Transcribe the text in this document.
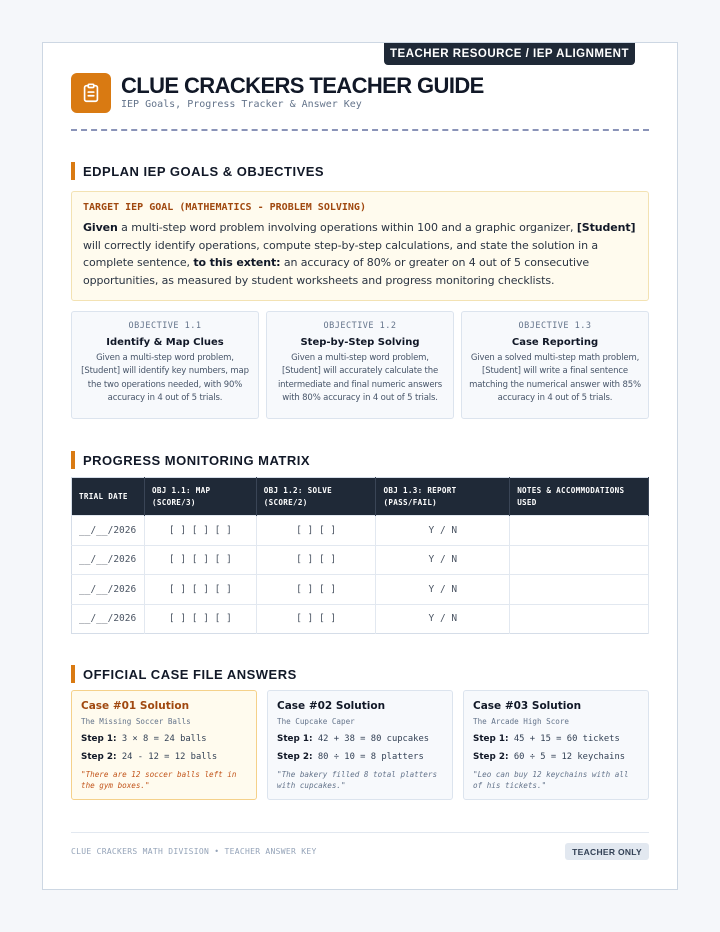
TEACHER RESOURCE / IEP ALIGNMENT
CLUE CRACKERS TEACHER GUIDE
IEP Goals, Progress Tracker & Answer Key
EDPLAN IEP GOALS & OBJECTIVES
TARGET IEP GOAL (MATHEMATICS - PROBLEM SOLVING)
Given a multi-step word problem involving operations within 100 and a graphic organizer, [Student] will correctly identify operations, compute step-by-step calculations, and state the solution in a complete sentence, to this extent: an accuracy of 80% or greater on 4 out of 5 consecutive opportunities, as measured by student worksheets and progress monitoring checklists.
OBJECTIVE 1.1
Identify & Map Clues
Given a multi-step word problem, [Student] will identify key numbers, map the two operations needed, with 90% accuracy in 4 out of 5 trials.
OBJECTIVE 1.2
Step-by-Step Solving
Given a multi-step word problem, [Student] will accurately calculate the intermediate and final numeric answers with 80% accuracy in 4 out of 5 trials.
OBJECTIVE 1.3
Case Reporting
Given a solved multi-step math problem, [Student] will write a final sentence matching the numerical answer with 85% accuracy in 4 out of 5 trials.
PROGRESS MONITORING MATRIX
TRIAL DATE	OBJ 1.1: MAP (SCORE/3)	OBJ 1.2: SOLVE (SCORE/2)	OBJ 1.3: REPORT (PASS/FAIL)	NOTES & ACCOMMODATIONS USED
__/__/2026	[ ] [ ] [ ]	[ ] [ ]	Y / N	
__/__/2026	[ ] [ ] [ ]	[ ] [ ]	Y / N	
__/__/2026	[ ] [ ] [ ]	[ ] [ ]	Y / N	
__/__/2026	[ ] [ ] [ ]	[ ] [ ]	Y / N	
OFFICIAL CASE FILE ANSWERS
Case #01 Solution
The Missing Soccer Balls
Step 1: 3 × 8 = 24 balls
Step 2: 24 - 12 = 12 balls
"There are 12 soccer balls left in the gym boxes."
Case #02 Solution
The Cupcake Caper
Step 1: 42 + 38 = 80 cupcakes
Step 2: 80 ÷ 10 = 8 platters
"The bakery filled 8 total platters with cupcakes."
Case #03 Solution
The Arcade High Score
Step 1: 45 + 15 = 60 tickets
Step 2: 60 ÷ 5 = 12 keychains
"Leo can buy 12 keychains with all of his tickets."
CLUE CRACKERS MATH DIVISION • TEACHER ANSWER KEY	TEACHER ONLY
